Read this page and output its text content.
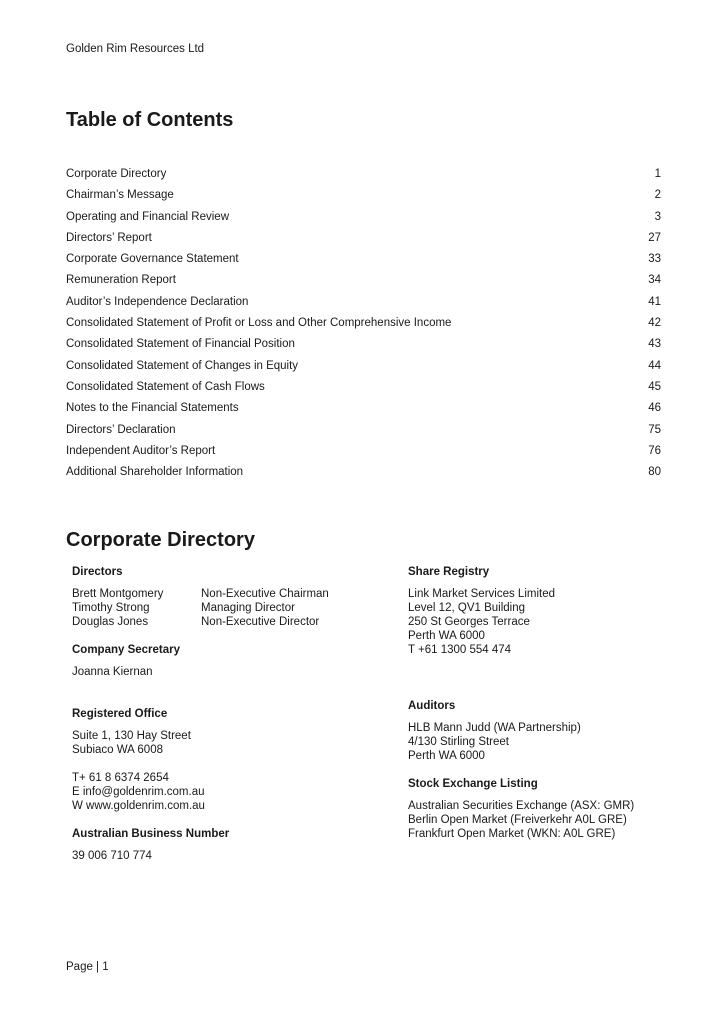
Golden Rim Resources Ltd
Table of Contents
Corporate Directory	1
Chairman’s Message	2
Operating and Financial Review	3
Directors’ Report	27
Corporate Governance Statement	33
Remuneration Report	34
Auditor’s Independence Declaration	41
Consolidated Statement of Profit or Loss and Other Comprehensive Income	42
Consolidated Statement of Financial Position	43
Consolidated Statement of Changes in Equity	44
Consolidated Statement of Cash Flows	45
Notes to the Financial Statements	46
Directors’ Declaration	75
Independent Auditor’s Report	76
Additional Shareholder Information	80
Corporate Directory
Directors
Brett Montgomery	Non-Executive Chairman
Timothy Strong	Managing Director
Douglas Jones	Non-Executive Director
Company Secretary
Joanna Kiernan
Registered Office
Suite 1, 130 Hay Street
Subiaco WA 6008
T+ 61 8 6374 2654
E info@goldenrim.com.au
W www.goldenrim.com.au
Australian Business Number
39 006 710 774
Share Registry
Link Market Services Limited
Level 12, QV1 Building
250 St Georges Terrace
Perth WA 6000
T +61 1300 554 474
Auditors
HLB Mann Judd (WA Partnership)
4/130 Stirling Street
Perth WA 6000
Stock Exchange Listing
Australian Securities Exchange (ASX: GMR)
Berlin Open Market (Freiverkehr A0L GRE)
Frankfurt Open Market (WKN: A0L GRE)
Page | 1
